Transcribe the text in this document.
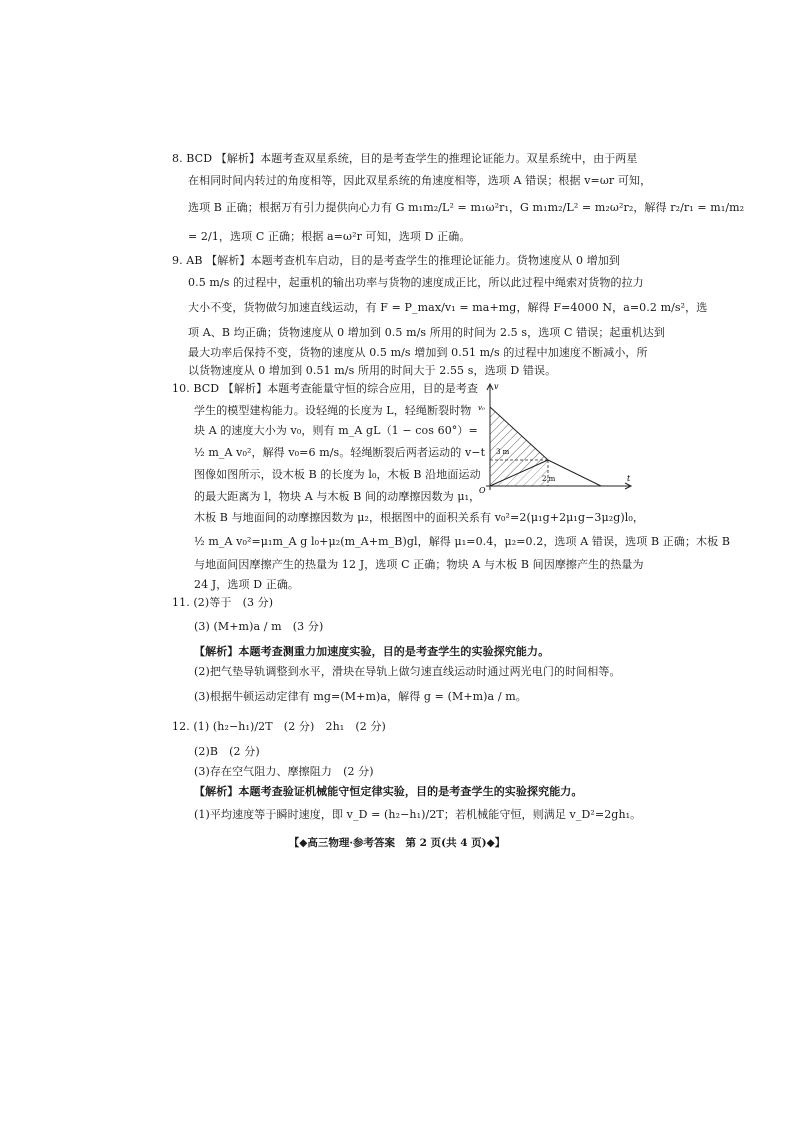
8. BCD 【解析】本题考查双星系统，目的是考查学生的推理论证能力。双星系统中，由于两星
在相同时间内转过的角度相等，因此双星系统的角速度相等，选项 A 错误；根据 v=ωr 可知，
选项 B 正确；根据万有引力提供向心力有 G m₁m₂/L² = m₁ω²r₁，G m₁m₂/L² = m₂ω²r₂，解得 r₂/r₁ = m₁/m₂
= 2/1，选项 C 正确；根据 a=ω²r 可知，选项 D 正确。
9. AB 【解析】本题考查机车启动，目的是考查学生的推理论证能力。货物速度从 0 增加到
0.5 m/s 的过程中，起重机的输出功率与货物的速度成正比，所以此过程中绳索对货物的拉力
大小不变，货物做匀加速直线运动，有 F = P_max/v₁ = ma+mg，解得 F=4000 N，a=0.2 m/s²，选
项 A、B 均正确；货物速度从 0 增加到 0.5 m/s 所用的时间为 2.5 s，选项 C 错误；起重机达到
最大功率后保持不变，货物的速度从 0.5 m/s 增加到 0.51 m/s 的过程中加速度不断减小，所
以货物速度从 0 增加到 0.51 m/s 所用的时间大于 2.55 s，选项 D 错误。
10. BCD 【解析】本题考查能量守恒的综合应用，目的是考查
学生的模型建构能力。设轻绳的长度为 L，轻绳断裂时物
块 A 的速度大小为 v₀，则有 m_A gL（1 − cos 60°）=
½ m_A v₀²，解得 v₀=6 m/s。轻绳断裂后两者运动的 v−t
图像如图所示，设木板 B 的长度为 l₀，木板 B 沿地面运动
的最大距离为 l，物块 A 与木板 B 间的动摩擦因数为 μ₁，
木板 B 与地面间的动摩擦因数为 μ₂，根据图中的面积关系有 v₀²=2(μ₁g+2μ₁g−3μ₂g)l₀，
½ m_A v₀²=μ₁m_A g l₀+μ₂(m_A+m_B)gl，解得 μ₁=0.4，μ₂=0.2，选项 A 错误，选项 B 正确；木板 B
与地面间因摩擦产生的热量为 12 J，选项 C 正确；物块 A 与木板 B 间因摩擦产生的热量为
24 J，选项 D 正确。
11. (2)等于　(3 分)
(3) (M+m)a / m　(3 分)
【解析】本题考查测重力加速度实验，目的是考查学生的实验探究能力。
(2)把气垫导轨调整到水平，滑块在导轨上做匀速直线运动时通过两光电门的时间相等。
(3)根据牛顿运动定律有 mg=(M+m)a，解得 g = (M+m)a / m。
12. (1) (h₂−h₁)/2T　(2 分)　2h₁　(2 分)
(2)B　(2 分)
(3)存在空气阻力、摩擦阻力　(2 分)
【解析】本题考查验证机械能守恒定律实验，目的是考查学生的实验探究能力。
(1)平均速度等于瞬时速度，即 v_D = (h₂−h₁)/2T；若机械能守恒，则满足 v_D²=2gh₁。
v
t
O
v₀
3 m
2 m
【◆高三物理·参考答案　第 2 页(共 4 页)◆】
